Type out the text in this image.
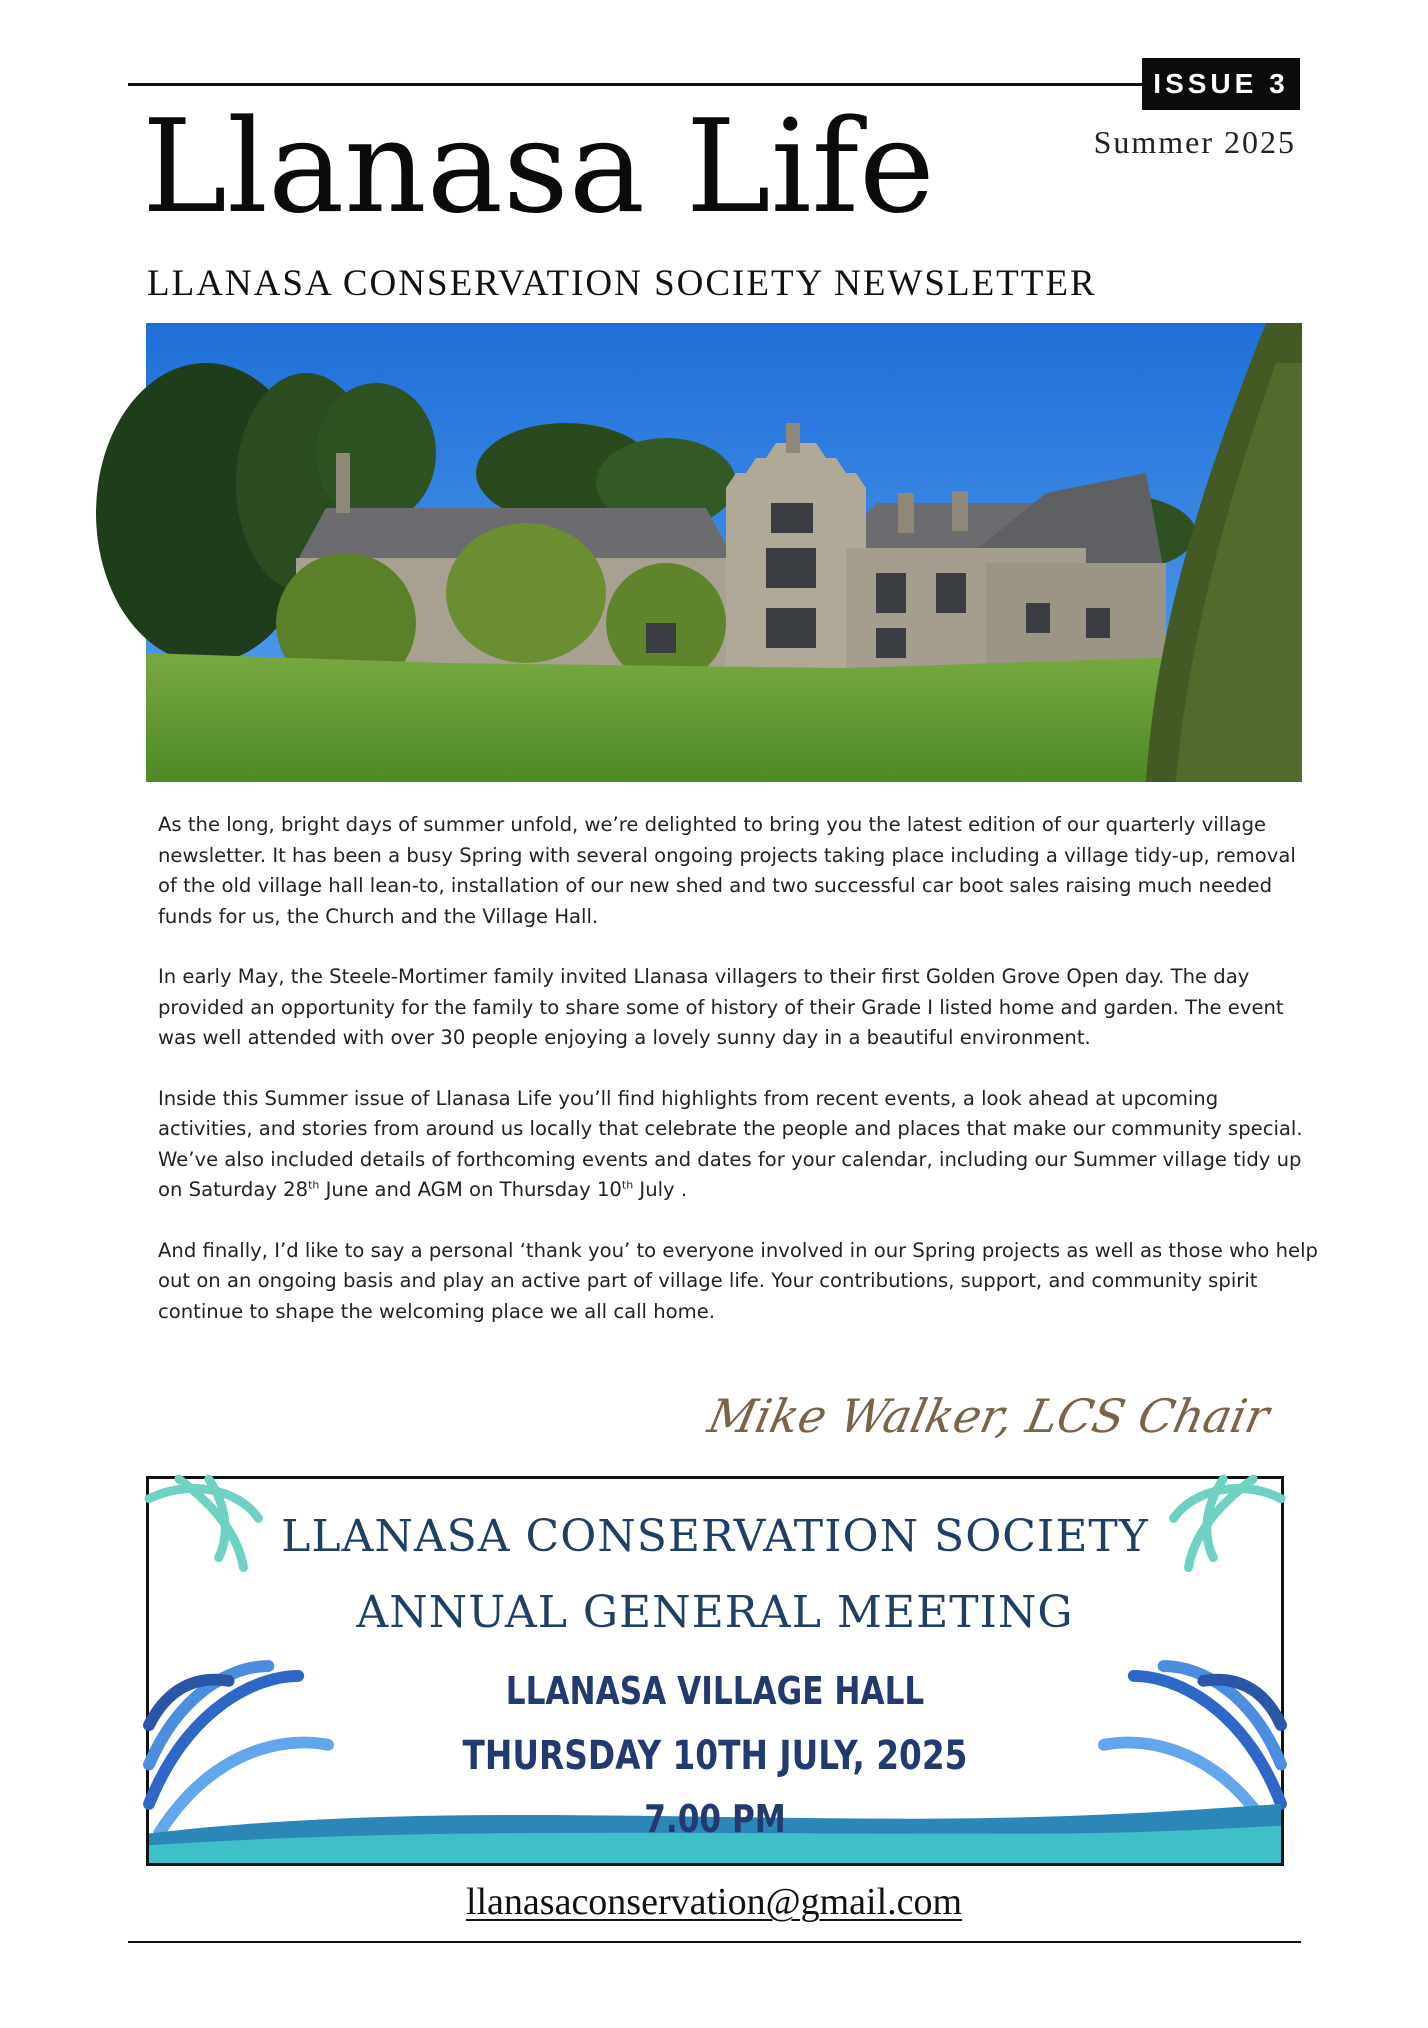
ISSUE 3
Summer 2025
Llanasa Life
LLANASA CONSERVATION SOCIETY NEWSLETTER

As the long, bright days of summer unfold, we’re delighted to bring you the latest edition of our quarterly village newsletter. It has been a busy Spring with several ongoing projects taking place including a village tidy-up, removal of the old village hall lean-to, installation of our new shed and two successful car boot sales raising much needed funds for us, the Church and the Village Hall.

In early May, the Steele-Mortimer family invited Llanasa villagers to their first Golden Grove Open day. The day provided an opportunity for the family to share some of history of their Grade I listed home and garden. The event was well attended with over 30 people enjoying a lovely sunny day in a beautiful environment.

Inside this Summer issue of Llanasa Life you’ll find highlights from recent events, a look ahead at upcoming activities, and stories from around us locally that celebrate the people and places that make our community special. We’ve also included details of forthcoming events and dates for your calendar, including our Summer village tidy up on Saturday 28th June and AGM on Thursday 10th July .

And finally, I’d like to say a personal ‘thank you’ to everyone involved in our Spring projects as well as those who help out on an ongoing basis and play an active part of village life. Your contributions, support, and community spirit continue to shape the welcoming place we all call home.

Mike Walker, LCS Chair
LLANASA CONSERVATION SOCIETY
ANNUAL GENERAL MEETING
LLANASA VILLAGE HALL
THURSDAY 10TH JULY, 2025
7.00 PM
llanasaconservation@gmail.com
